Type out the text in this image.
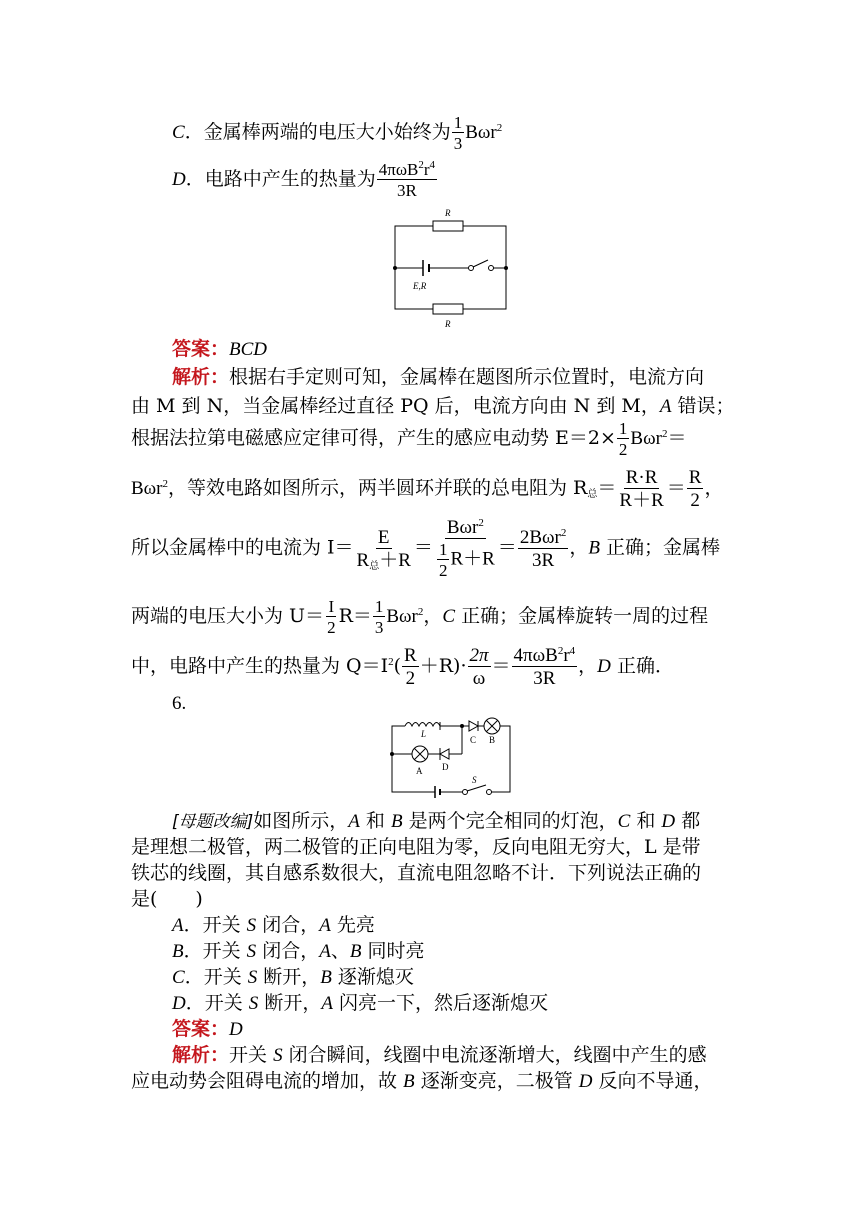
C．金属棒两端的电压大小始终为 $\frac{1}{3} B\omega r^2$
D．电路中产生的热量为 $\frac{4\pi\omega B^2r^4}{3R}$
R
E,R
R
答案：BCD
解析：根据右手定则可知，金属棒在题图所示位置时，电流方向
由 M 到 N，当金属棒经过直径 PQ 后，电流方向由 N 到 M，A 错误；
根据法拉第电磁感应定律可得，产生的感应电动势 $E=2\times \frac{1}{2} B\omega r^2=$
Bωr$^2$，等效电路如图所示，两半圆环并联的总电阻为 $R_总= \frac{R\cdot R}{R+R} = \frac{R}{2}$ ，
所以金属棒中的电流为 $I= \frac{E}{R_总+R} = \frac{B\omega r^2}{\frac{1}{2} R+R} = \frac{2B\omega r^2}{3R}$ ，B 正确；金属棒
两端的电压大小为 $U= \frac{I}{2} R= \frac{1}{3} B\omega r^2$，C 正确；金属棒旋转一周的过程
中，电路中产生的热量为 $Q=I^2( \frac{R}{2} +R)\cdot \frac{2\pi}{\omega} = \frac{4\pi\omega B^2r^4}{3R}$ ，D 正确．
6.
L
C B
A D
S
[母题改编]如图所示，A 和 B 是两个完全相同的灯泡，C 和 D 都
是理想二极管，两二极管的正向电阻为零，反向电阻无穷大，L 是带
铁芯的线圈，其自感系数很大，直流电阻忽略不计．下列说法正确的
是(　　)
A．开关 S 闭合，A 先亮
B．开关 S 闭合，A、B 同时亮
C．开关 S 断开，B 逐渐熄灭
D．开关 S 断开，A 闪亮一下，然后逐渐熄灭
答案：D
解析：开关 S 闭合瞬间，线圈中电流逐渐增大，线圈中产生的感
应电动势会阻碍电流的增加，故 B 逐渐变亮，二极管 D 反向不导通，
